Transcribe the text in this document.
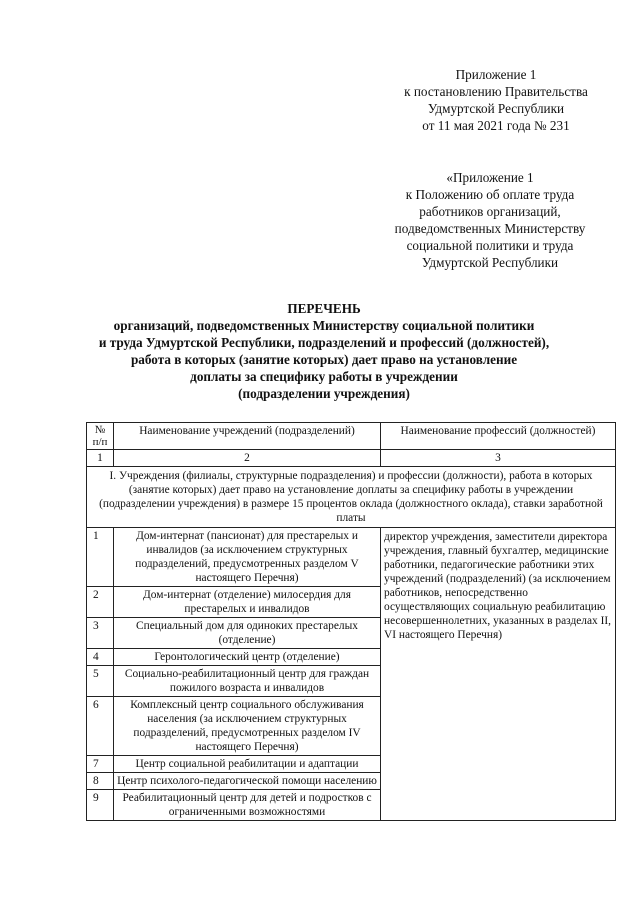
Приложение 1
к постановлению Правительства
Удмуртской Республики
от 11 мая 2021 года № 231
«Приложение 1
к Положению об оплате труда
работников организаций,
подведомственных Министерству
социальной политики и труда
Удмуртской Республики
ПЕРЕЧЕНЬ
организаций, подведомственных Министерству социальной политики
и труда Удмуртской Республики, подразделений и профессий (должностей),
работа в которых (занятие которых) дает право на установление
доплаты за специфику работы в учреждении
(подразделении учреждения)
№ п/п	Наименование учреждений (подразделений)	Наименование профессий (должностей)
1	2	3
I. Учреждения (филиалы, структурные подразделения) и профессии (должности), работа в которых (занятие которых) дает право на установление доплаты за специфику работы в учреждении (подразделении учреждения) в размере 15 процентов оклада (должностного оклада), ставки заработной платы		
1	Дом-интернат (пансионат) для престарелых и инвалидов (за исключением структурных подразделений, предусмотренных разделом V настоящего Перечня)	директор учреждения, заместители директора учреждения, главный бухгалтер, медицинские работники, педагогические работники этих учреждений (подразделений) (за исключением работников, непосредственно осуществляющих социальную реабилитацию несовершеннолетних, указанных в разделах II, VI настоящего Перечня)
2	Дом-интернат (отделение) милосердия для престарелых и инвалидов	
3	Специальный дом для одиноких престарелых (отделение)	
4	Геронтологический центр (отделение)	
5	Социально-реабилитационный центр для граждан пожилого возраста и инвалидов	
6	Комплексный центр социального обслуживания населения (за исключением структурных подразделений, предусмотренных разделом IV настоящего Перечня)	
7	Центр социальной реабилитации и адаптации	
8	Центр психолого-педагогической помощи населению	
9	Реабилитационный центр для детей и подростков с ограниченными возможностями	
